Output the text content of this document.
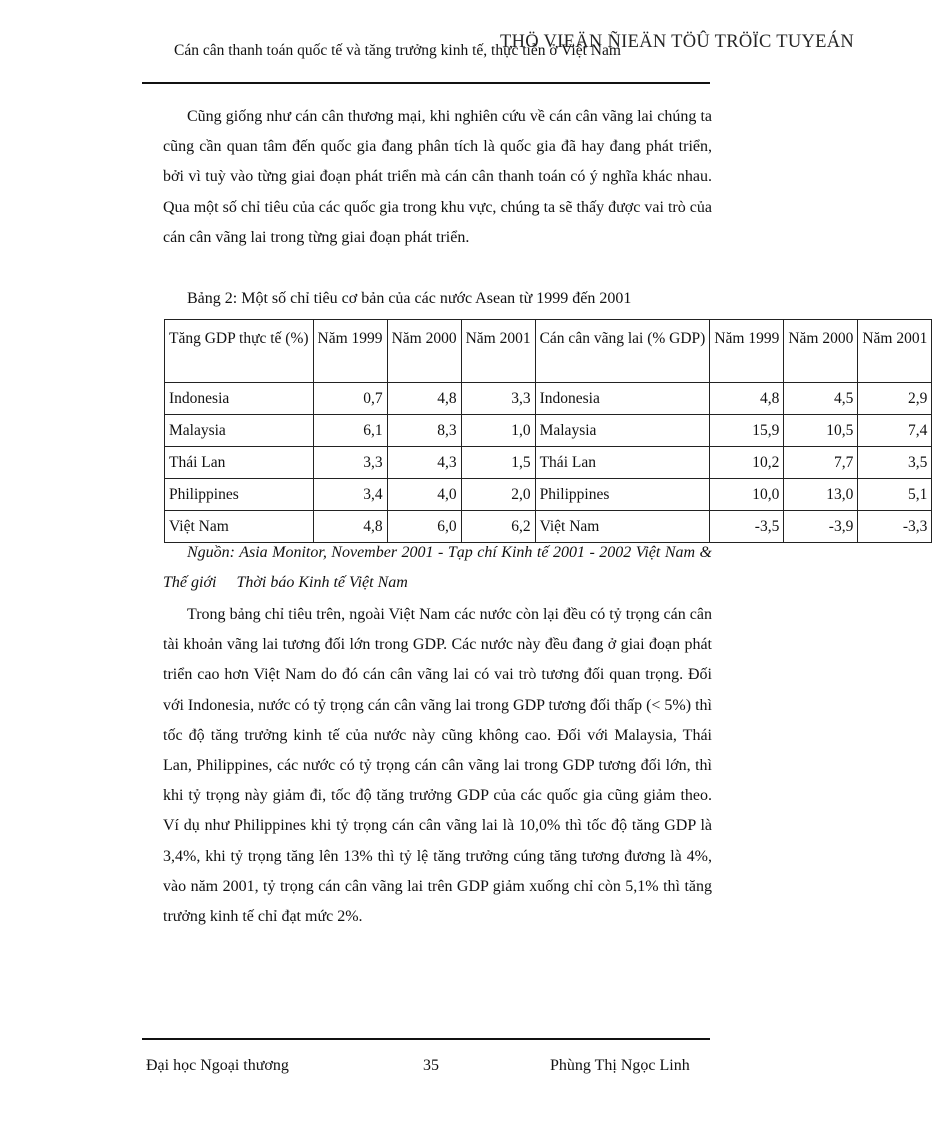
Cán cân thanh toán quốc tế và tăng trưởng kinh tế, thực tiễn ở Việt Nam
THÖ VIEÄN ÑIEÄN TÖÛ TRÖÏC TUYEÁN

Cũng giống như cán cân thương mại, khi nghiên cứu về cán cân vãng lai chúng ta cũng cần quan tâm đến quốc gia đang phân tích là quốc gia đã hay đang phát triển, bởi vì tuỳ vào từng giai đoạn phát triển mà cán cân thanh toán có ý nghĩa khác nhau. Qua một số chỉ tiêu của các quốc gia trong khu vực, chúng ta sẽ thấy được vai trò của cán cân vãng lai trong từng giai đoạn phát triển.

Bảng 2: Một số chỉ tiêu cơ bản của các nước Asean từ 1999 đến 2001
Tăng GDP thực tế (%)	Năm 1999	Năm 2000	Năm 2001	Cán cân vãng lai (% GDP)	Năm 1999	Năm 2000	Năm 2001
Indonesia	0,7	4,8	3,3	Indonesia	4,8	4,5	2,9
Malaysia	6,1	8,3	1,0	Malaysia	15,9	10,5	7,4
Thái Lan	3,3	4,3	1,5	Thái Lan	10,2	7,7	3,5
Philippines	3,4	4,0	2,0	Philippines	10,0	13,0	5,1
Việt Nam	4,8	6,0	6,2	Việt Nam	-3,5	-3,9	-3,3

Nguồn: Asia Monitor, November 2001 - Tạp chí Kinh tế 2001 - 2002 Việt Nam & Thế giới Thời báo Kinh tế Việt Nam

Trong bảng chỉ tiêu trên, ngoài Việt Nam các nước còn lại đều có tỷ trọng cán cân tài khoản vãng lai tương đối lớn trong GDP. Các nước này đều đang ở giai đoạn phát triển cao hơn Việt Nam do đó cán cân vãng lai có vai trò tương đối quan trọng. Đối với Indonesia, nước có tỷ trọng cán cân vãng lai trong GDP tương đối thấp (< 5%) thì tốc độ tăng trưởng kinh tế của nước này cũng không cao. Đối với Malaysia, Thái Lan, Philippines, các nước có tỷ trọng cán cân vãng lai trong GDP tương đối lớn, thì khi tỷ trọng này giảm đi, tốc độ tăng trưởng GDP của các quốc gia cũng giảm theo. Ví dụ như Philippines khi tỷ trọng cán cân vãng lai là 10,0% thì tốc độ tăng GDP là 3,4%, khi tỷ trọng tăng lên 13% thì tỷ lệ tăng trưởng cúng tăng tương đương là 4%, vào năm 2001, tỷ trọng cán cân vãng lai trên GDP giảm xuống chỉ còn 5,1% thì tăng trưởng kinh tế chỉ đạt mức 2%.

Đại học Ngoại thương	35	Phùng Thị Ngọc Linh
